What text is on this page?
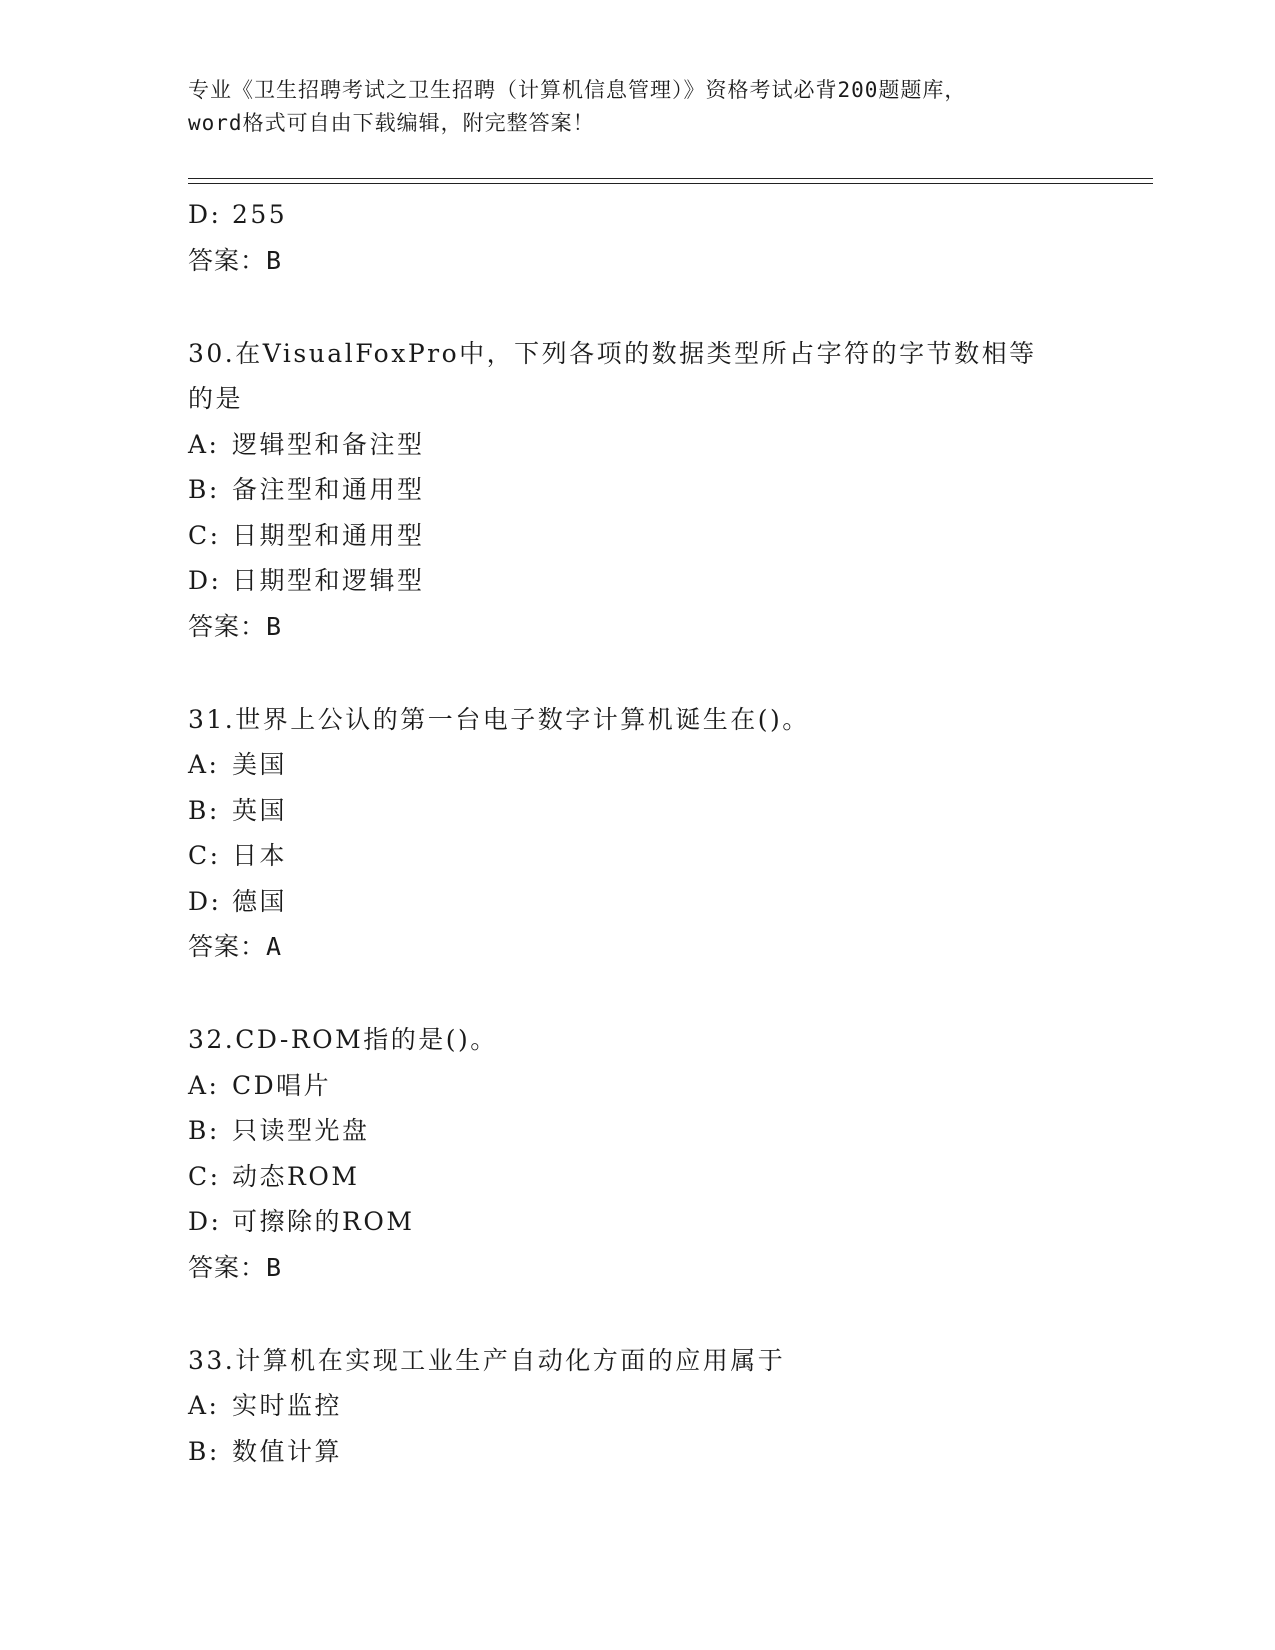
专业《卫生招聘考试之卫生招聘（计算机信息管理）》资格考试必背200题题库，
word格式可自由下载编辑，附完整答案！
D: 255
答案：B
30.在VisualFoxPro中，下列各项的数据类型所占字符的字节数相等
的是
A: 逻辑型和备注型
B: 备注型和通用型
C: 日期型和通用型
D: 日期型和逻辑型
答案：B
31.世界上公认的第一台电子数字计算机诞生在()。
A: 美国
B: 英国
C: 日本
D: 德国
答案：A
32.CD-ROM指的是()。
A: CD唱片
B: 只读型光盘
C: 动态ROM
D: 可擦除的ROM
答案：B
33.计算机在实现工业生产自动化方面的应用属于
A: 实时监控
B: 数值计算
